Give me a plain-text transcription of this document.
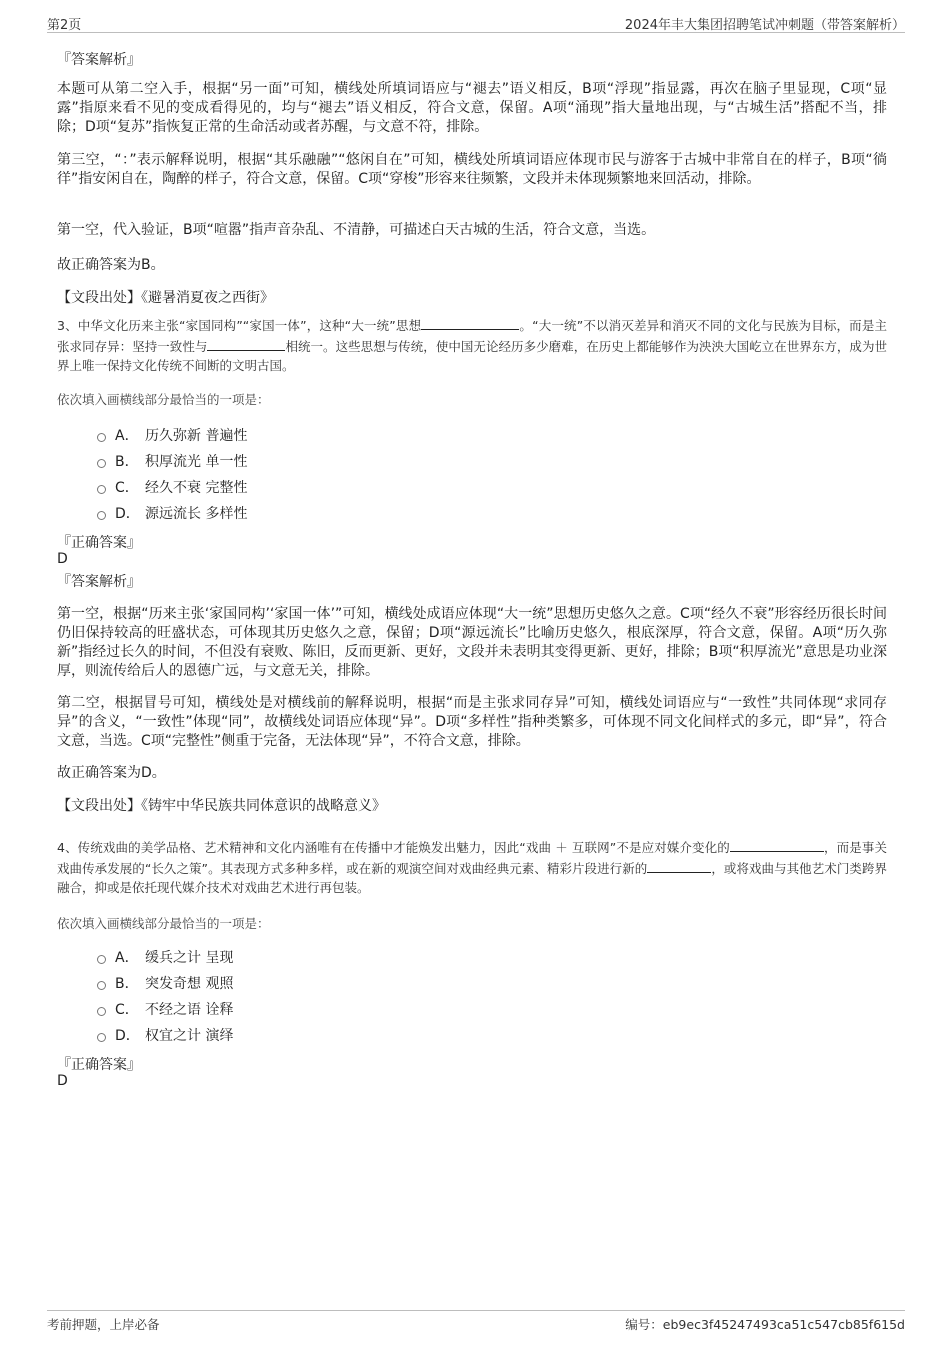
第2页	2024年丰大集团招聘笔试冲刺题（带答案解析）
『答案解析』
本题可从第二空入手，根据“另一面”可知，横线处所填词语应与“褪去”语义相反，B项“浮现”指显露，再次在脑子里显现，C项“显露”指原来看不见的变成看得见的，均与“褪去”语义相反，符合文意，保留。A项“涌现”指大量地出现，与“古城生活”搭配不当，排除；D项“复苏”指恢复正常的生命活动或者苏醒，与文意不符，排除。
第三空，“：”表示解释说明，根据“其乐融融”“悠闲自在”可知，横线处所填词语应体现市民与游客于古城中非常自在的样子，B项“徜徉”指安闲自在，陶醉的样子，符合文意，保留。C项“穿梭”形容来往频繁，文段并未体现频繁地来回活动，排除。
第一空，代入验证，B项“喧嚣”指声音杂乱、不清静，可描述白天古城的生活，符合文意，当选。
故正确答案为B。
【文段出处】《避暑消夏夜之西街》
3、中华文化历来主张“家国同构”“家国一体”，这种“大一统”思想	。“大一统”不以消灭差异和消灭不同的文化与民族为目标，而是主张求同存异：坚持一致性与	相统一。这些思想与传统，使中国无论经历多少磨难，在历史上都能够作为泱泱大国屹立在世界东方，成为世界上唯一保持文化传统不间断的文明古国。
依次填入画横线部分最恰当的一项是：
A． 历久弥新 普遍性
B． 积厚流光 单一性
C． 经久不衰 完整性
D． 源远流长 多样性
『正确答案』
D
『答案解析』
第一空，根据“历来主张‘家国同构’‘家国一体’”可知，横线处成语应体现“大一统”思想历史悠久之意。C项“经久不衰”形容经历很长时间仍旧保持较高的旺盛状态，可体现其历史悠久之意，保留；D项“源远流长”比喻历史悠久，根底深厚，符合文意，保留。A项“历久弥新”指经过长久的时间，不但没有衰败、陈旧，反而更新、更好，文段并未表明其变得更新、更好，排除；B项“积厚流光”意思是功业深厚，则流传给后人的恩德广远，与文意无关，排除。
第二空，根据冒号可知，横线处是对横线前的解释说明，根据“而是主张求同存异”可知，横线处词语应与“一致性”共同体现“求同存异”的含义，“一致性”体现“同”，故横线处词语应体现“异”。D项“多样性”指种类繁多，可体现不同文化间样式的多元，即“异”，符合文意，当选。C项“完整性”侧重于完备，无法体现“异”，不符合文意，排除。
故正确答案为D。
【文段出处】《铸牢中华民族共同体意识的战略意义》
4、传统戏曲的美学品格、艺术精神和文化内涵唯有在传播中才能焕发出魅力，因此“戏曲 ＋ 互联网”不是应对媒介变化的	，而是事关戏曲传承发展的“长久之策”。其表现方式多种多样，或在新的观演空间对戏曲经典元素、精彩片段进行新的	，或将戏曲与其他艺术门类跨界融合，抑或是依托现代媒介技术对戏曲艺术进行再包装。
依次填入画横线部分最恰当的一项是：
A． 缓兵之计 呈现
B． 突发奇想 观照
C． 不经之语 诠释
D． 权宜之计 演绎
『正确答案』
D
考前押题，上岸必备	编号：eb9ec3f45247493ca51c547cb85f615d
